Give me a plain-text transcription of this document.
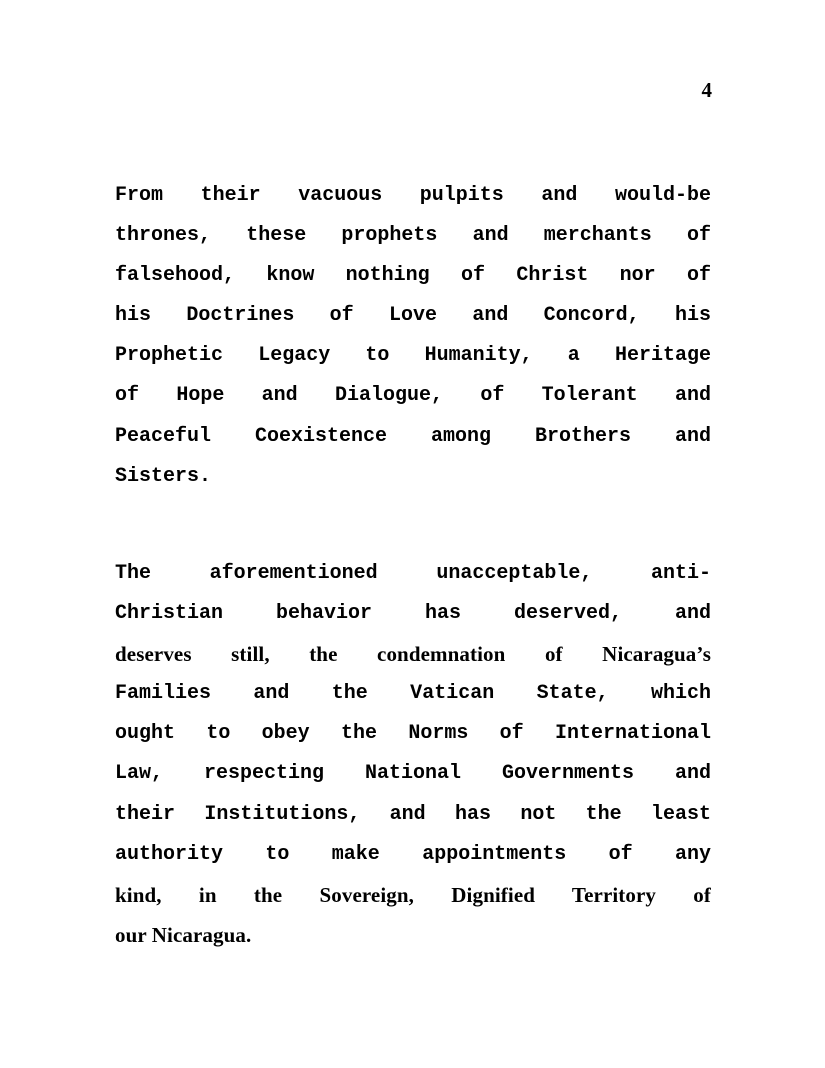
4
From their vacuous pulpits and would-be
thrones, these prophets and merchants of
falsehood, know nothing of Christ nor of
his Doctrines of Love and Concord, his
Prophetic Legacy to Humanity, a Heritage
of Hope and Dialogue, of Tolerant and
Peaceful Coexistence among Brothers and
Sisters.
The aforementioned unacceptable, anti-
Christian behavior has deserved, and
deserves still, the condemnation of Nicaragua’s
Families and the Vatican State, which
ought to obey the Norms of International
Law, respecting National Governments and
their Institutions, and has not the least
authority to make appointments of any
kind, in the Sovereign, Dignified Territory of
our Nicaragua.
